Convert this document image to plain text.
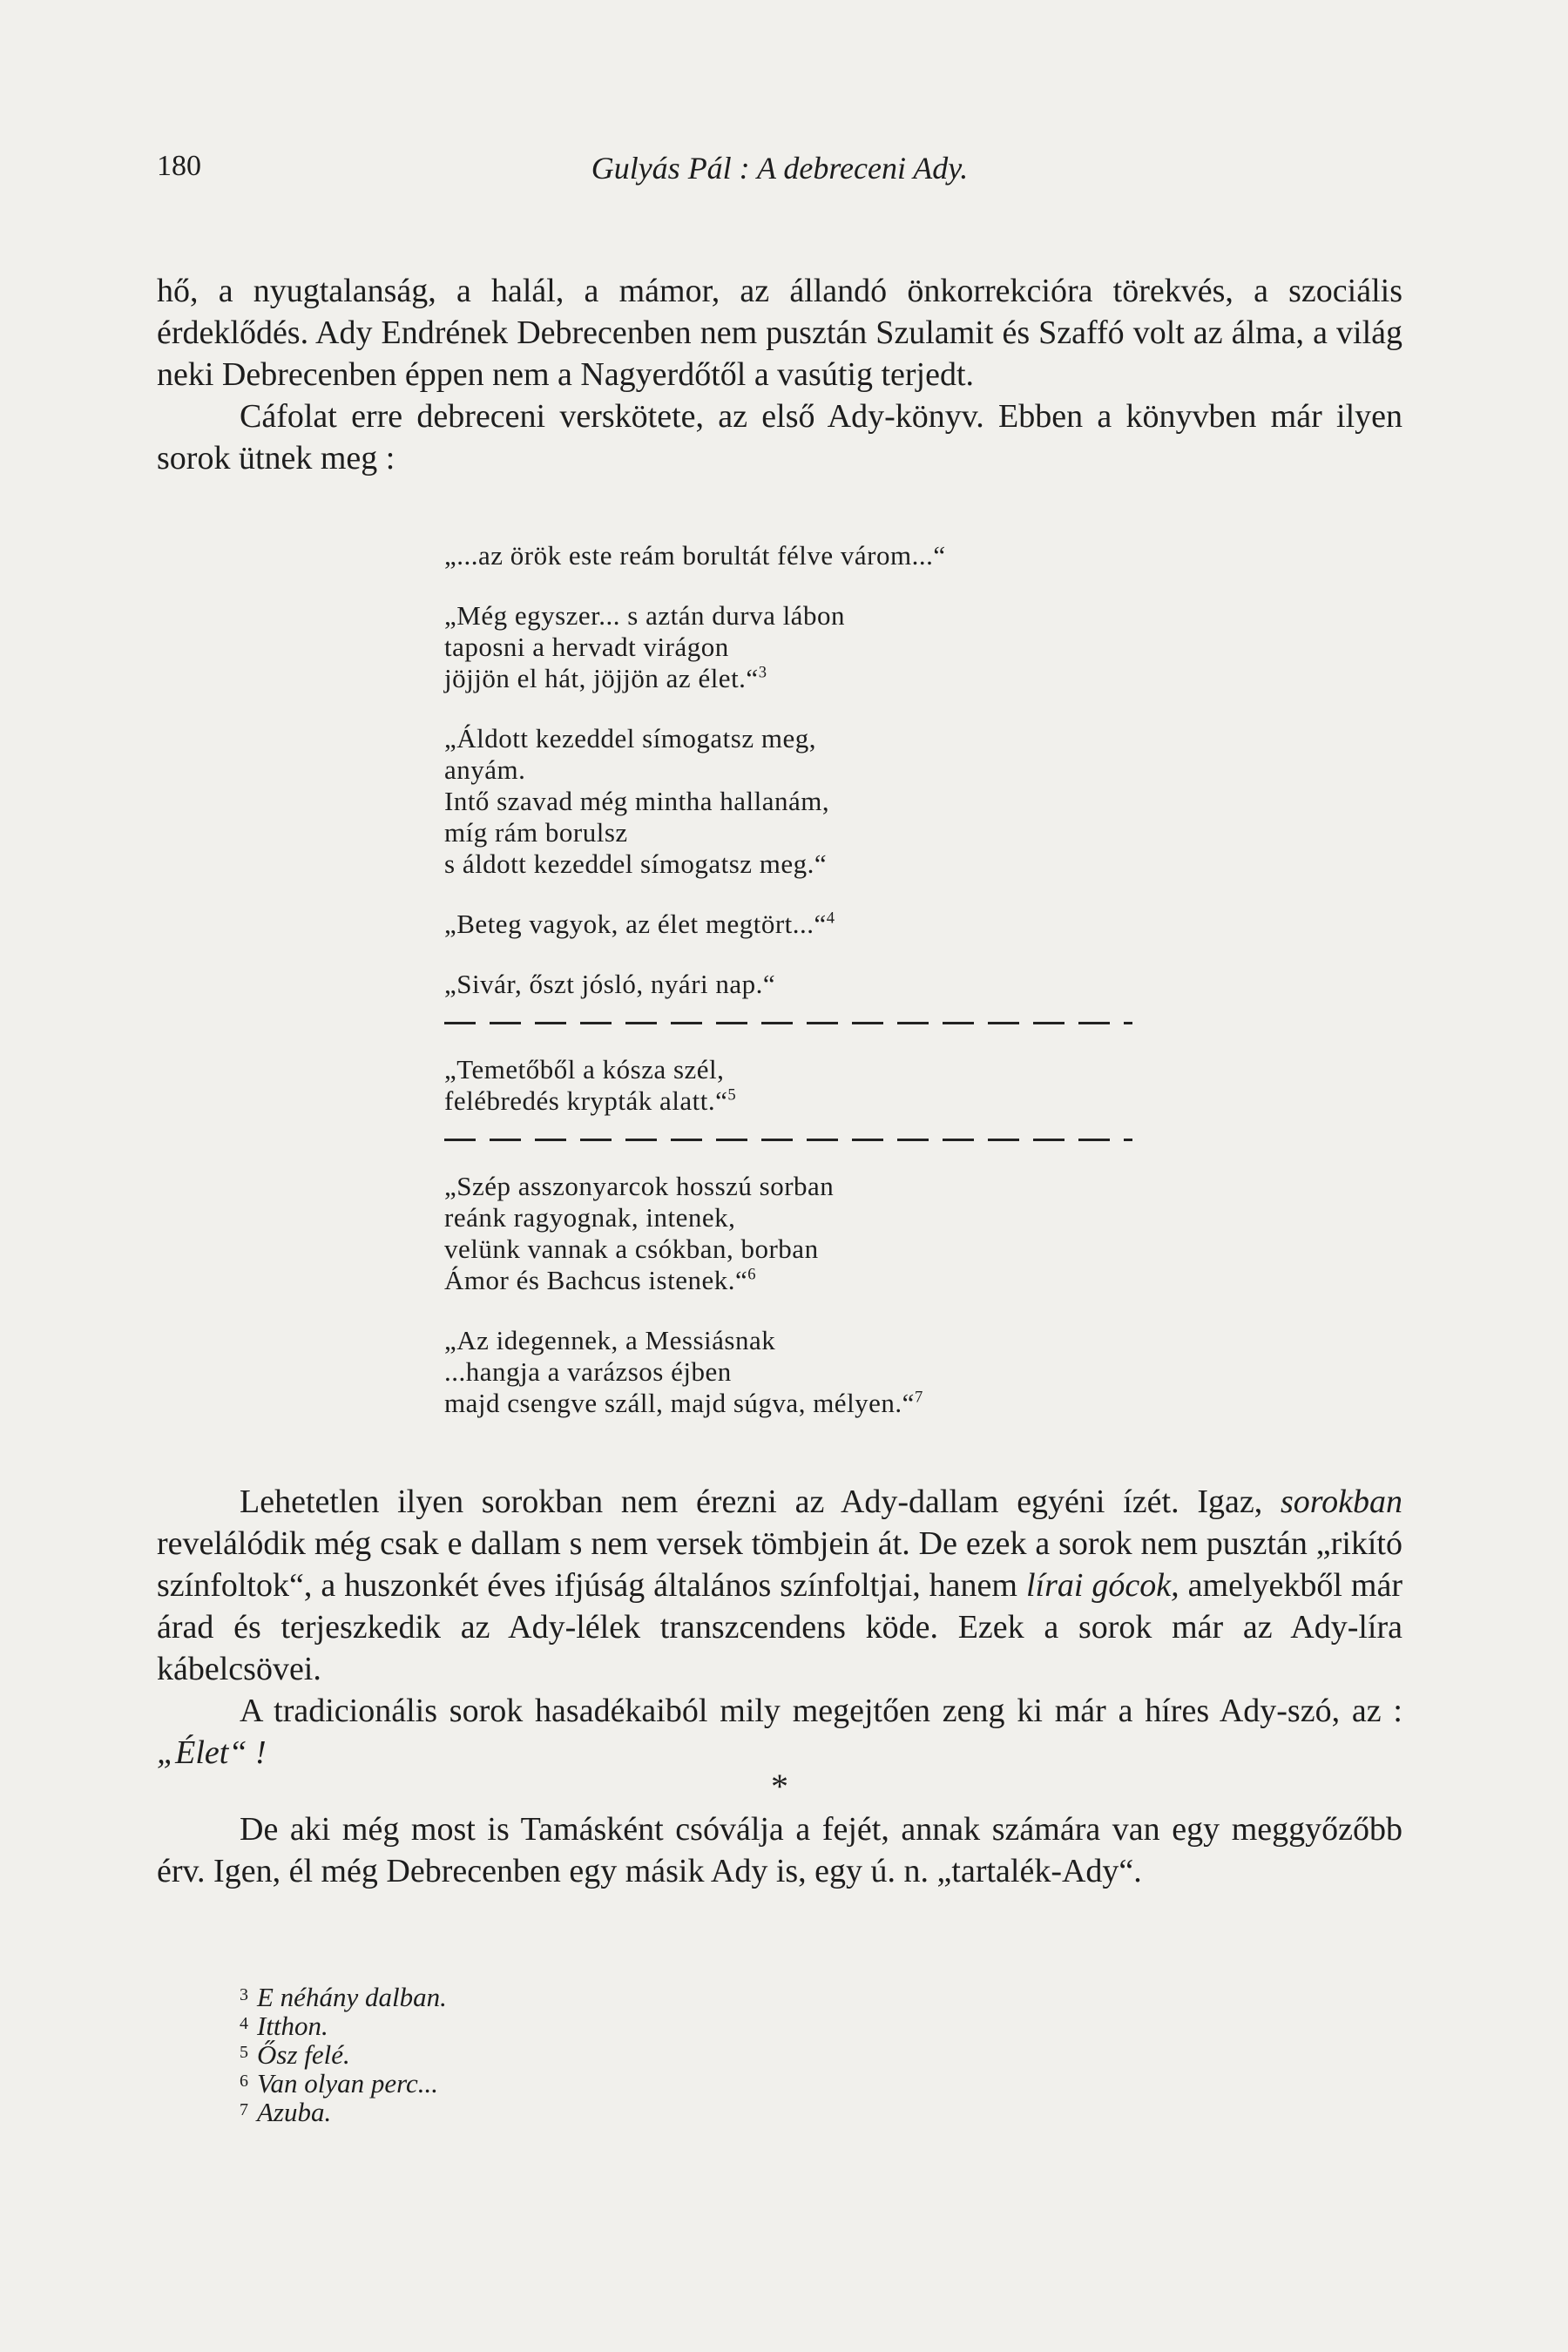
180	Gulyás Pál : A debreceni Ady.

hő, a nyugtalanság, a halál, a mámor, az állandó önkorrekcióra törekvés, a szociális érdeklődés. Ady Endrének Debrecenben nem pusztán Szulamit és Szaffó volt az álma, a világ neki Debrecenben éppen nem a Nagyerdőtől a vasútig terjedt.

Cáfolat erre debreceni verskötete, az első Ady-könyv. Ebben a könyvben már ilyen sorok ütnek meg :

„...az örök este reám borultát félve várom...“
„Még egyszer... s aztán durva lábon
taposni a hervadt virágon
jöjjön el hát, jöjjön az élet.“$^3$
„Áldott kezeddel símogatsz meg,
anyám.
Intő szavad még mintha hallanám,
míg rám borulsz
s áldott kezeddel símogatsz meg.“
„Beteg vagyok, az élet megtört...“$^4$
„Sivár, őszt jósló, nyári nap.“
„Temetőből a kósza szél,
felébredés krypták alatt.“$^5$
„Szép asszonyarcok hosszú sorban
reánk ragyognak, intenek,
velünk vannak a csókban, borban
Ámor és Bachcus istenek.“$^6$
„Az idegennek, a Messiásnak
...hangja a varázsos éjben
majd csengve száll, majd súgva, mélyen.“$^7$

Lehetetlen ilyen sorokban nem érezni az Ady-dallam egyéni ízét. Igaz, sorokban revelálódik még csak e dallam s nem versek tömbjein át. De ezek a sorok nem pusztán „rikító színfoltok“, a huszonkét éves ifjúság általános színfoltjai, hanem lírai gócok, amelyekből már árad és terjeszkedik az Ady-lélek transzcendens köde. Ezek a sorok már az Ady-líra kábelcsövei.

A tradicionális sorok hasadékaiból mily megejtően zeng ki már a híres Ady-szó, az : „Élet“ !

*

De aki még most is Tamásként csóválja a fejét, annak számára van egy meggyőzőbb érv. Igen, él még Debrecenben egy másik Ady is, egy ú. n. „tartalék-Ady“.

$^3$ E néhány dalban.

$^4$ Itthon.

$^5$ Ősz felé.

$^6$ Van olyan perc...

$^7$ Azuba.
